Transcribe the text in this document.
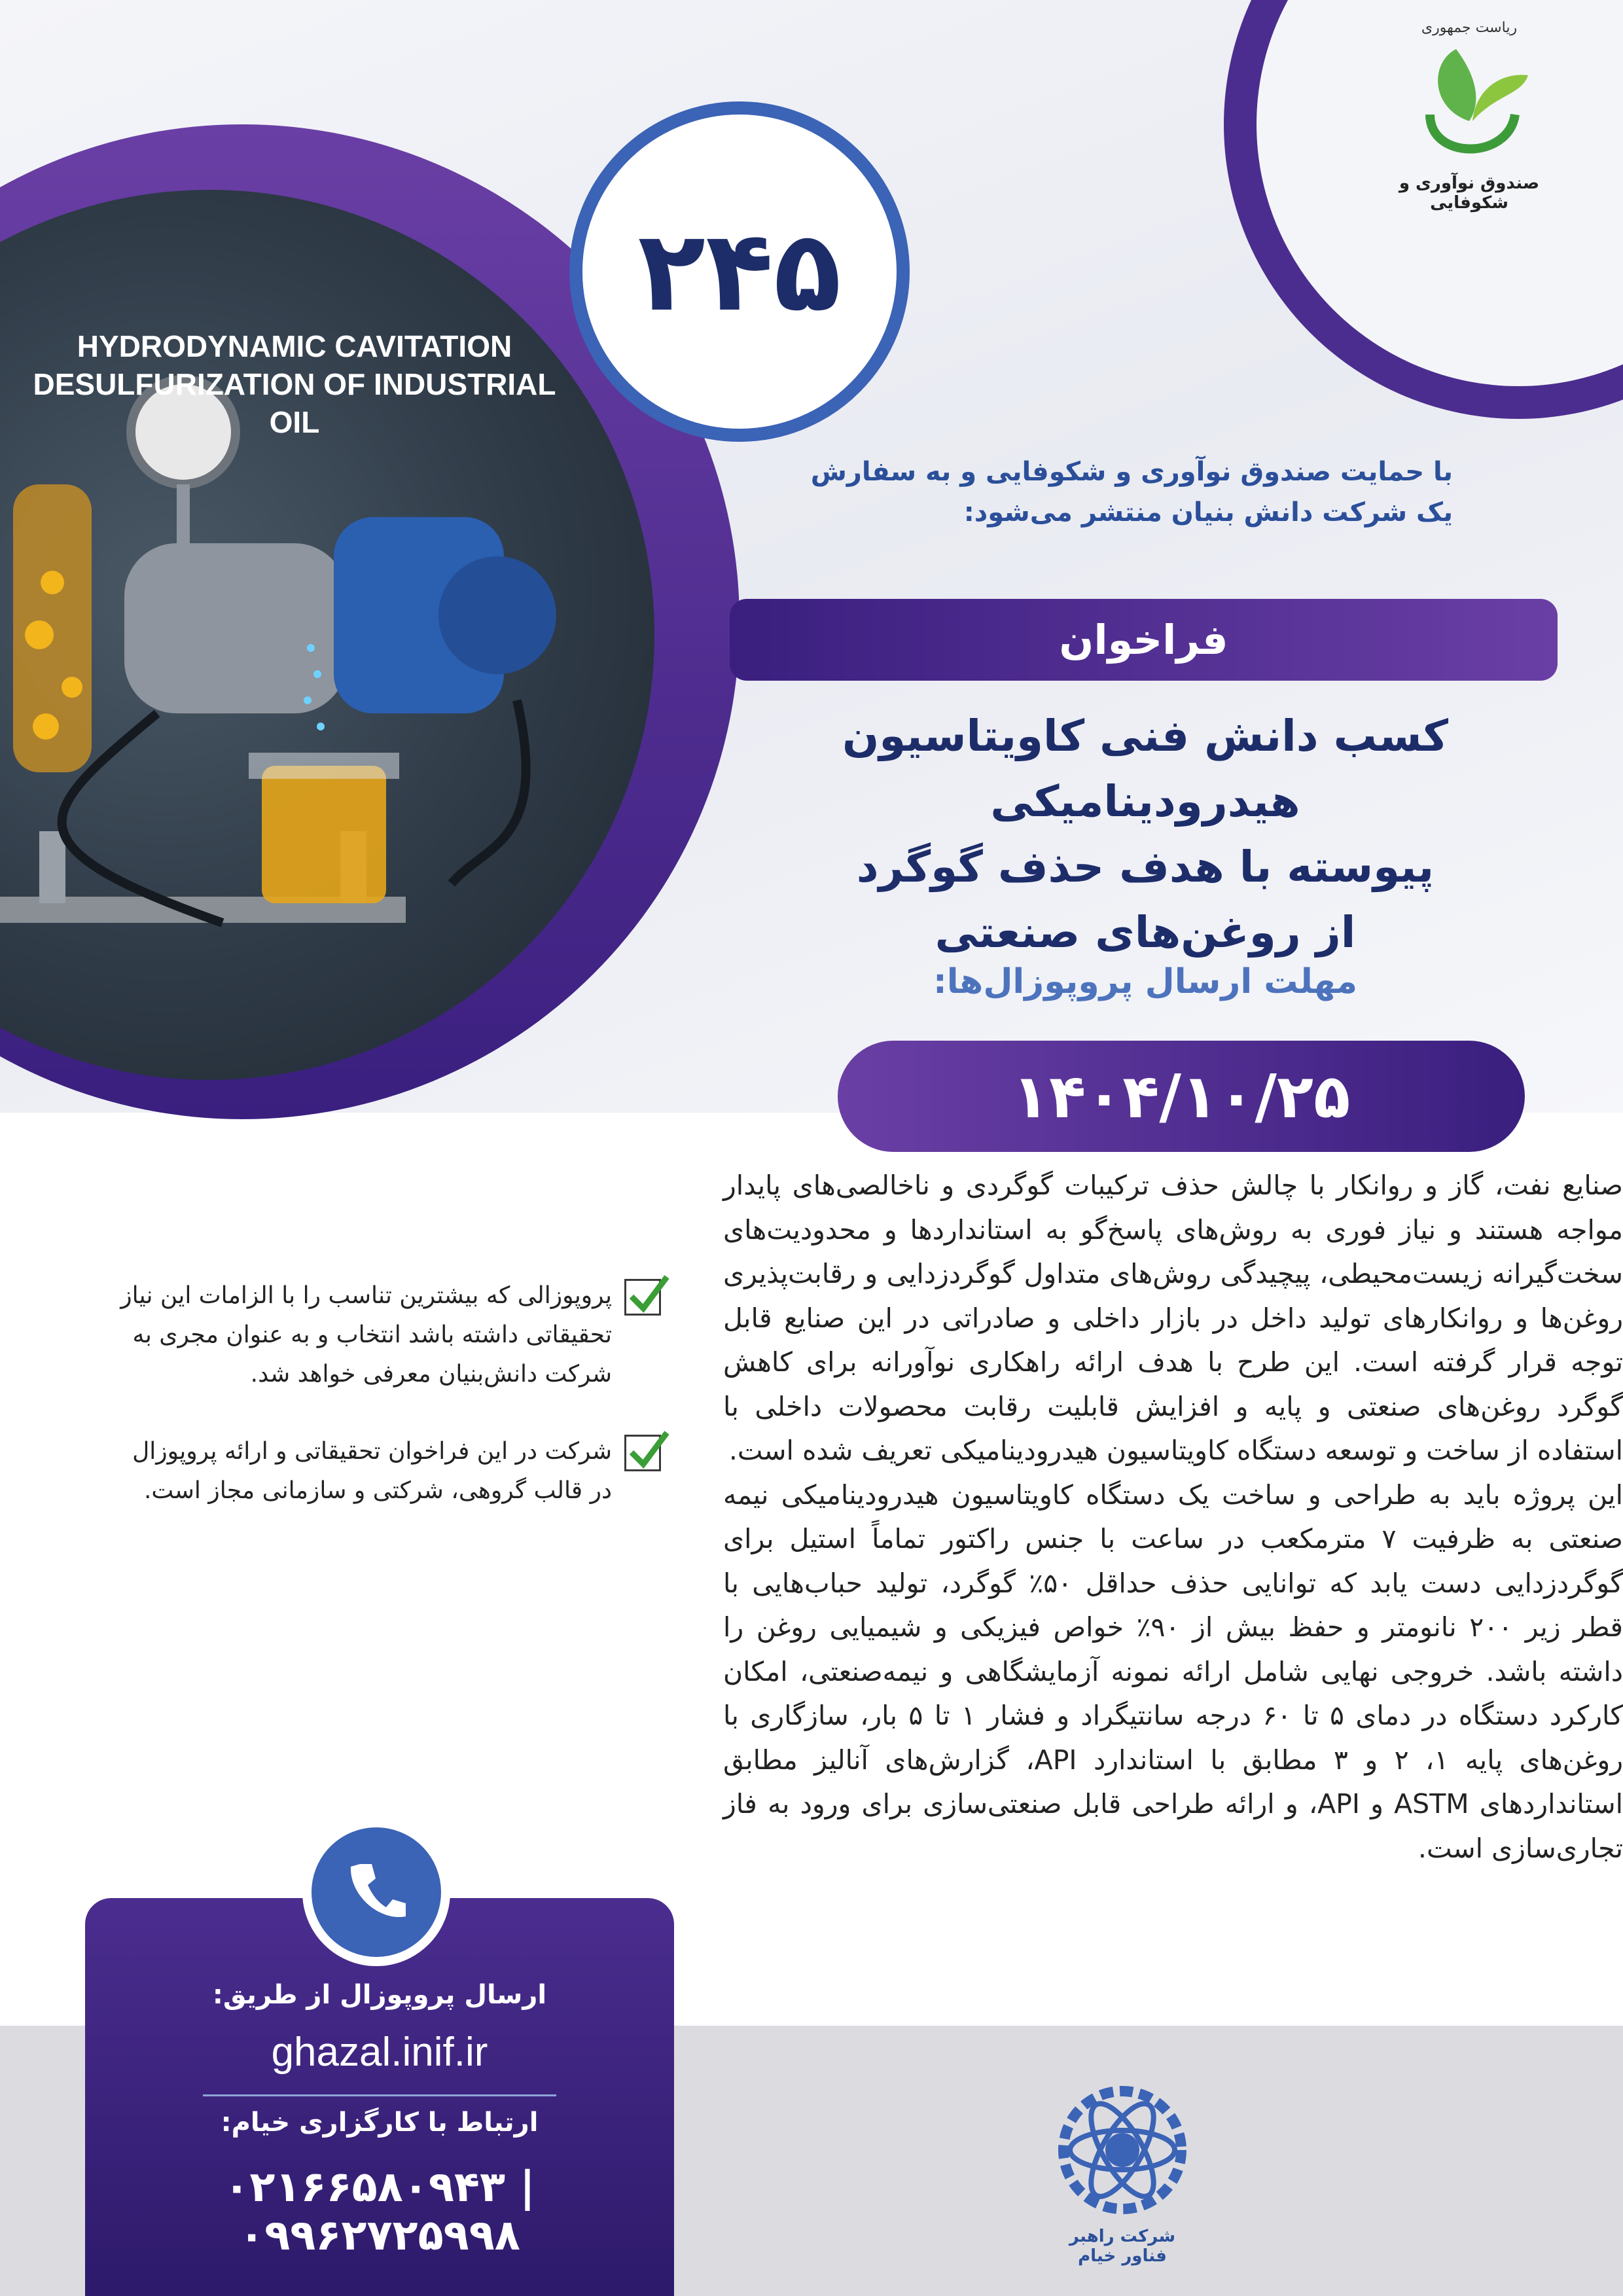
HYDRODYNAMIC CAVITATION
DESULFURIZATION OF INDUSTRIAL OIL
۲۴۵
ریاست جمهوری
صندوق نوآوری و شکوفایی
با حمایت صندوق نوآوری و شکوفایی و به سفارش
یک شرکت دانش بنیان منتشر می‌شود:
فراخوان
کسب دانش فنی کاویتاسیون هیدرودینامیکی
پیوسته با هدف حذف گوگرد
از روغن‌های صنعتی
مهلت ارسال پروپوزال‌ها:
۱۴۰۴/۱۰/۲۵

صنایع نفت، گاز و روانکار با چالش حذف ترکیبات گوگردی و ناخالصی‌های پایدار مواجه هستند و نیاز فوری به روش‌های پاسخ‌گو به استانداردها و محدودیت‌های سخت‌گیرانه زیست‌محیطی، پیچیدگی روش‌های متداول گوگردزدایی و رقابت‌پذیری روغن‌ها و روانکارهای تولید داخل در بازار داخلی و صادراتی در این صنایع قابل توجه قرار گرفته است. این طرح با هدف ارائه راهکاری نوآورانه برای کاهش گوگرد روغن‌های صنعتی و پایه و افزایش قابلیت رقابت محصولات داخلی با استفاده از ساخت و توسعه دستگاه کاویتاسیون هیدرودینامیکی تعریف شده است.

این پروژه باید به طراحی و ساخت یک دستگاه کاویتاسیون هیدرودینامیکی نیمه صنعتی به ظرفیت ۷ مترمکعب در ساعت با جنس راکتور تماماً استیل برای گوگردزدایی دست یابد که توانایی حذف حداقل ۵۰٪ گوگرد، تولید حباب‌هایی با قطر زیر ۲۰۰ نانومتر و حفظ بیش از ۹۰٪ خواص فیزیکی و شیمیایی روغن را داشته باشد. خروجی نهایی شامل ارائه نمونه آزمایشگاهی و نیمه‌صنعتی، امکان کارکرد دستگاه در دمای ۵ تا ۶۰ درجه سانتیگراد و فشار ۱ تا ۵ بار، سازگاری با روغن‌های پایه ۱، ۲ و ۳ مطابق با استاندارد API، گزارش‌های آنالیز مطابق استانداردهای ASTM و API، و ارائه طراحی قابل صنعتی‌سازی برای ورود به فاز تجاری‌سازی است.

پروپوزالی که بیشترین تناسب را با الزامات این نیاز تحقیقاتی داشته باشد انتخاب و به عنوان مجری به شرکت دانش‌بنیان معرفی خواهد شد.
شرکت در این فراخوان تحقیقاتی و ارائه پروپوزال در قالب گروهی، شرکتی و سازمانی مجاز است.
ارسال پروپوزال از طریق:
ghazal.inif.ir
ارتباط با کارگزاری خیام:
۰۲۱۶۶۵۸۰۹۴۳ | ۰۹۹۶۲۷۲۵۹۹۸	شرکت راهبر فناور خیام
